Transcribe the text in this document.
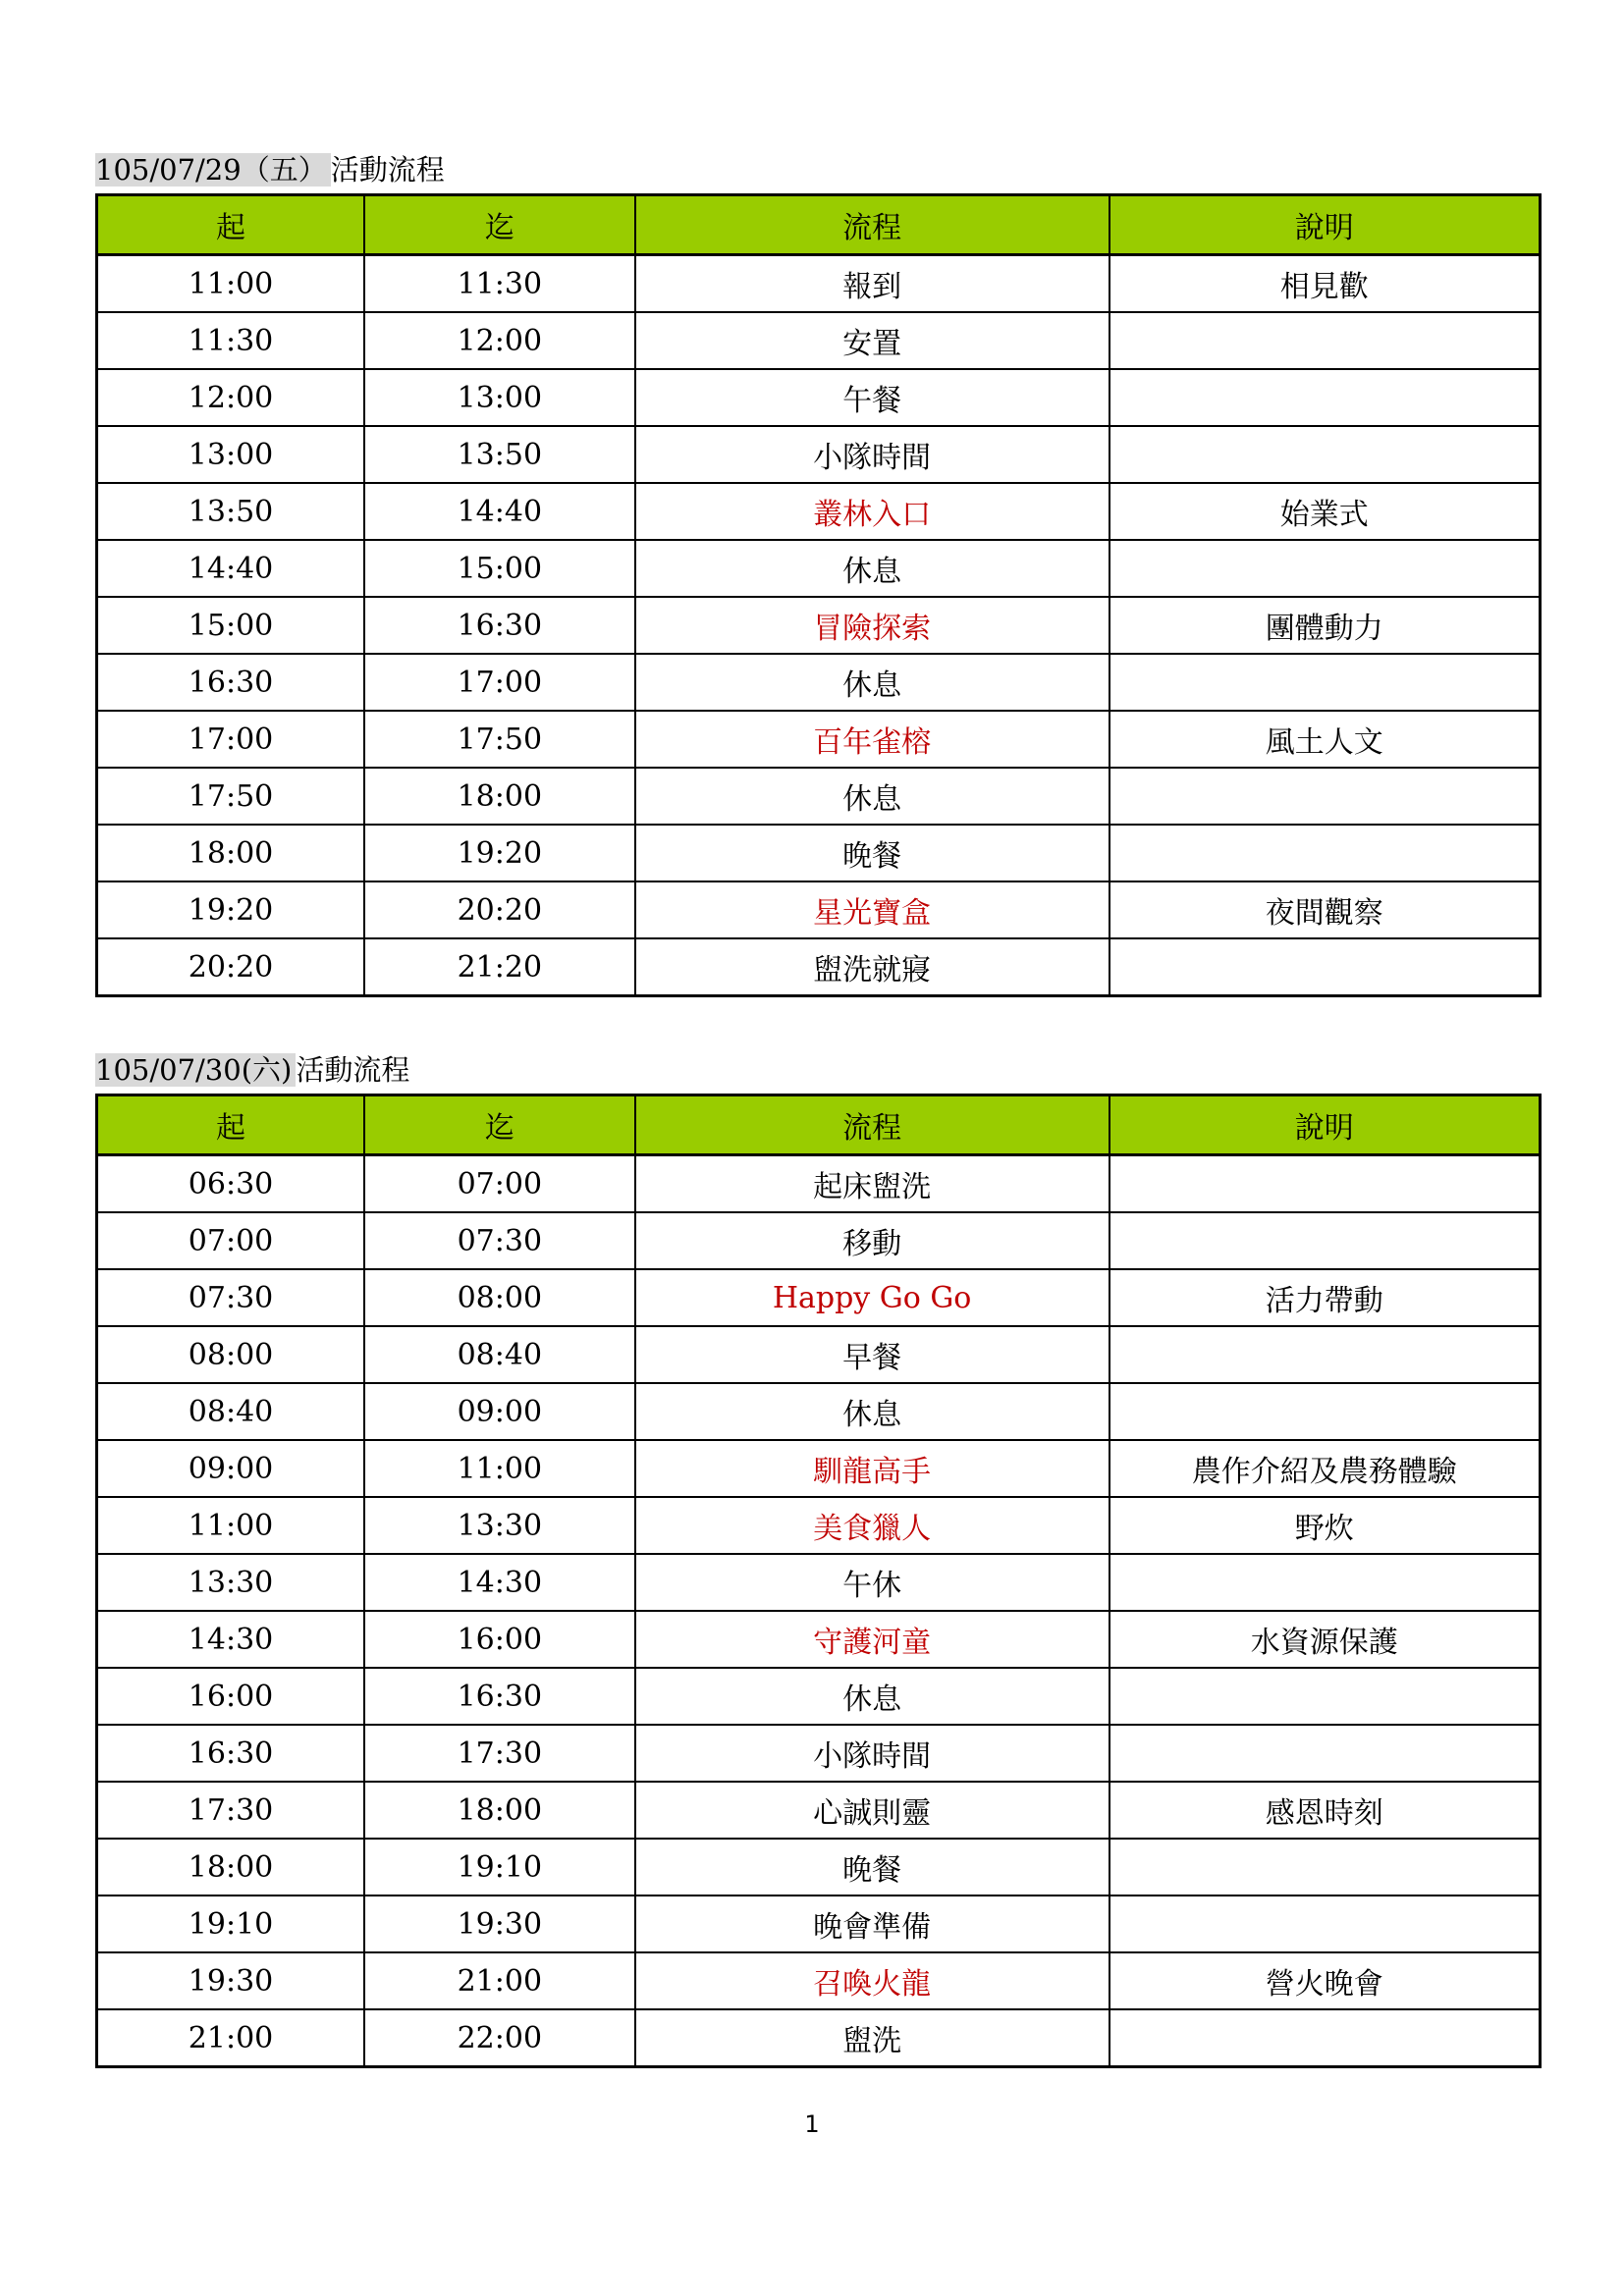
105/07/29（五） 活動流程
起	迄	流程	說明
11:00	11:30	報到	相見歡
11:30	12:00	安置	
12:00	13:00	午餐	
13:00	13:50	小隊時間	
13:50	14:40	叢林入口	始業式
14:40	15:00	休息	
15:00	16:30	冒險探索	團體動力
16:30	17:00	休息	
17:00	17:50	百年雀榕	風土人文
17:50	18:00	休息	
18:00	19:20	晚餐	
19:20	20:20	星光寶盒	夜間觀察
20:20	21:20	盥洗就寢	
105/07/30(六) 活動流程
起	迄	流程	說明
06:30	07:00	起床盥洗	
07:00	07:30	移動	
07:30	08:00	Happy Go Go	活力帶動
08:00	08:40	早餐	
08:40	09:00	休息	
09:00	11:00	馴龍高手	農作介紹及農務體驗
11:00	13:30	美食獵人	野炊
13:30	14:30	午休	
14:30	16:00	守護河童	水資源保護
16:00	16:30	休息	
16:30	17:30	小隊時間	
17:30	18:00	心誠則靈	感恩時刻
18:00	19:10	晚餐	
19:10	19:30	晚會準備	
19:30	21:00	召喚火龍	營火晚會
21:00	22:00	盥洗	
1
